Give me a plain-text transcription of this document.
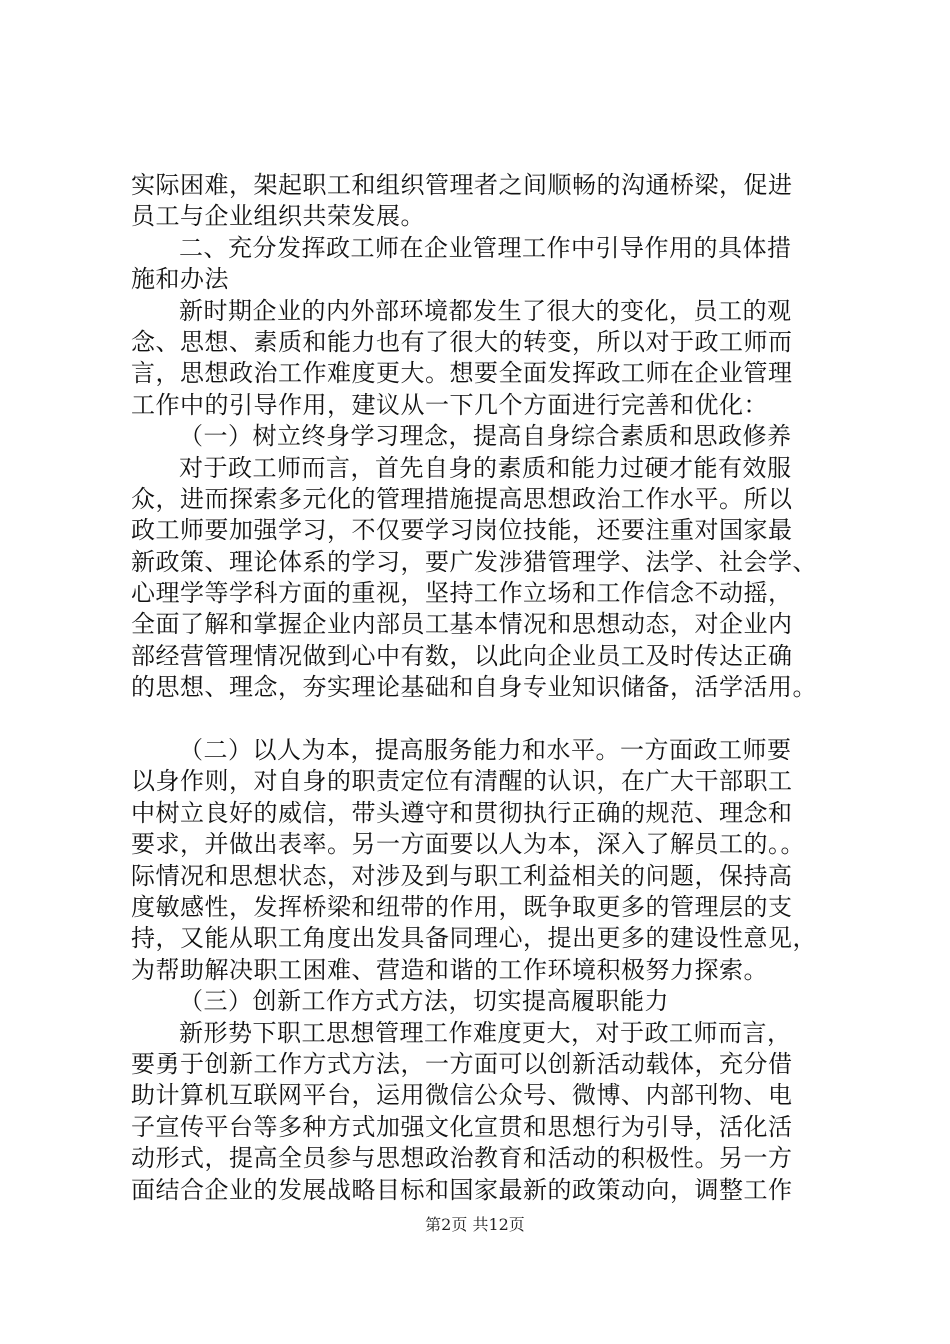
实际困难，架起职工和组织管理者之间顺畅的沟通桥梁，促进
员工与企业组织共荣发展。
二、充分发挥政工师在企业管理工作中引导作用的具体措
施和办法
新时期企业的内外部环境都发生了很大的变化，员工的观
念、思想、素质和能力也有了很大的转变，所以对于政工师而
言，思想政治工作难度更大。想要全面发挥政工师在企业管理
工作中的引导作用，建议从一下几个方面进行完善和优化：
（一）树立终身学习理念，提高自身综合素质和思政修养
对于政工师而言，首先自身的素质和能力过硬才能有效服
众，进而探索多元化的管理措施提高思想政治工作水平。所以
政工师要加强学习，不仅要学习岗位技能，还要注重对国家最
新政策、理论体系的学习，要广发涉猎管理学、法学、社会学、
心理学等学科方面的重视，坚持工作立场和工作信念不动摇，
全面了解和掌握企业内部员工基本情况和思想动态，对企业内
部经营管理情况做到心中有数，以此向企业员工及时传达正确
的思想、理念，夯实理论基础和自身专业知识储备，活学活用。
（二）以人为本，提高服务能力和水平。一方面政工师要
以身作则，对自身的职责定位有清醒的认识，在广大干部职工
中树立良好的威信，带头遵守和贯彻执行正确的规范、理念和
要求，并做出表率。另一方面要以人为本，深入了解员工的。。
际情况和思想状态，对涉及到与职工利益相关的问题，保持高
度敏感性，发挥桥梁和纽带的作用，既争取更多的管理层的支
持，又能从职工角度出发具备同理心，提出更多的建设性意见，
为帮助解决职工困难、营造和谐的工作环境积极努力探索。
（三）创新工作方式方法，切实提高履职能力
新形势下职工思想管理工作难度更大，对于政工师而言，
要勇于创新工作方式方法，一方面可以创新活动载体，充分借
助计算机互联网平台，运用微信公众号、微博、内部刊物、电
子宣传平台等多种方式加强文化宣贯和思想行为引导，活化活
动形式，提高全员参与思想政治教育和活动的积极性。另一方
面结合企业的发展战略目标和国家最新的政策动向，调整工作
第2页 共12页
